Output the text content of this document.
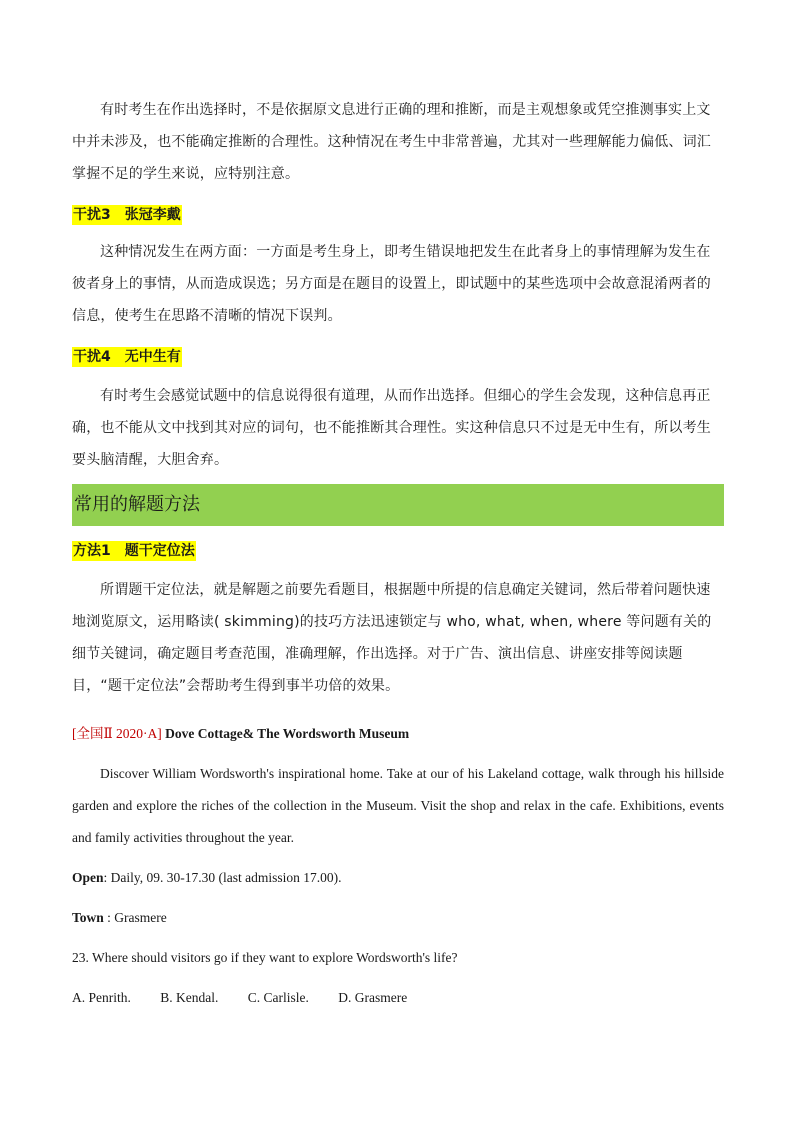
有时考生在作出选择时，不是依据原文息进行正确的理和推断，而是主观想象或凭空推测事实上文中并未涉及，也不能确定推断的合理性。这种情况在考生中非常普遍，尤其对一些理解能力偏低、词汇掌握不足的学生来说，应特别注意。

干扰3　张冠李戴

这种情况发生在两方面：一方面是考生身上，即考生错误地把发生在此者身上的事情理解为发生在彼者身上的事情，从而造成误选；另方面是在题目的设置上，即试题中的某些选项中会故意混淆两者的信息，使考生在思路不清晰的情况下误判。

干扰4　无中生有

有时考生会感觉试题中的信息说得很有道理，从而作出选择。但细心的学生会发现，这种信息再正确，也不能从文中找到其对应的词句，也不能推断其合理性。实这种信息只不过是无中生有，所以考生要头脑清醒，大胆舍弃。

常用的解题方法
方法1　题干定位法

所谓题干定位法，就是解题之前要先看题目，根据题中所提的信息确定关键词，然后带着问题快速地浏览原文，运用略读( skimming)的技巧方法迅速锁定与 who, what, when, where 等问题有关的细节关键词，确定题目考查范围，准确理解，作出选择。对于广告、演出信息、讲座安排等阅读题目，“题干定位法”会帮助考生得到事半功倍的效果。

[全国Ⅱ 2020·A] Dove Cottage& The Wordsworth Museum

Discover William Wordsworth's inspirational home. Take at our of his Lakeland cottage, walk through his hillside garden and explore the riches of the collection in the Museum. Visit the shop and relax in the cafe. Exhibitions, events and family activities throughout the year.

Open: Daily, 09. 30-17.30 (last admission 17.00).

Town : Grasmere

23. Where should visitors go if they want to explore Wordsworth's life?

A. Penrith. B. Kendal. C. Carlisle. D. Grasmere
